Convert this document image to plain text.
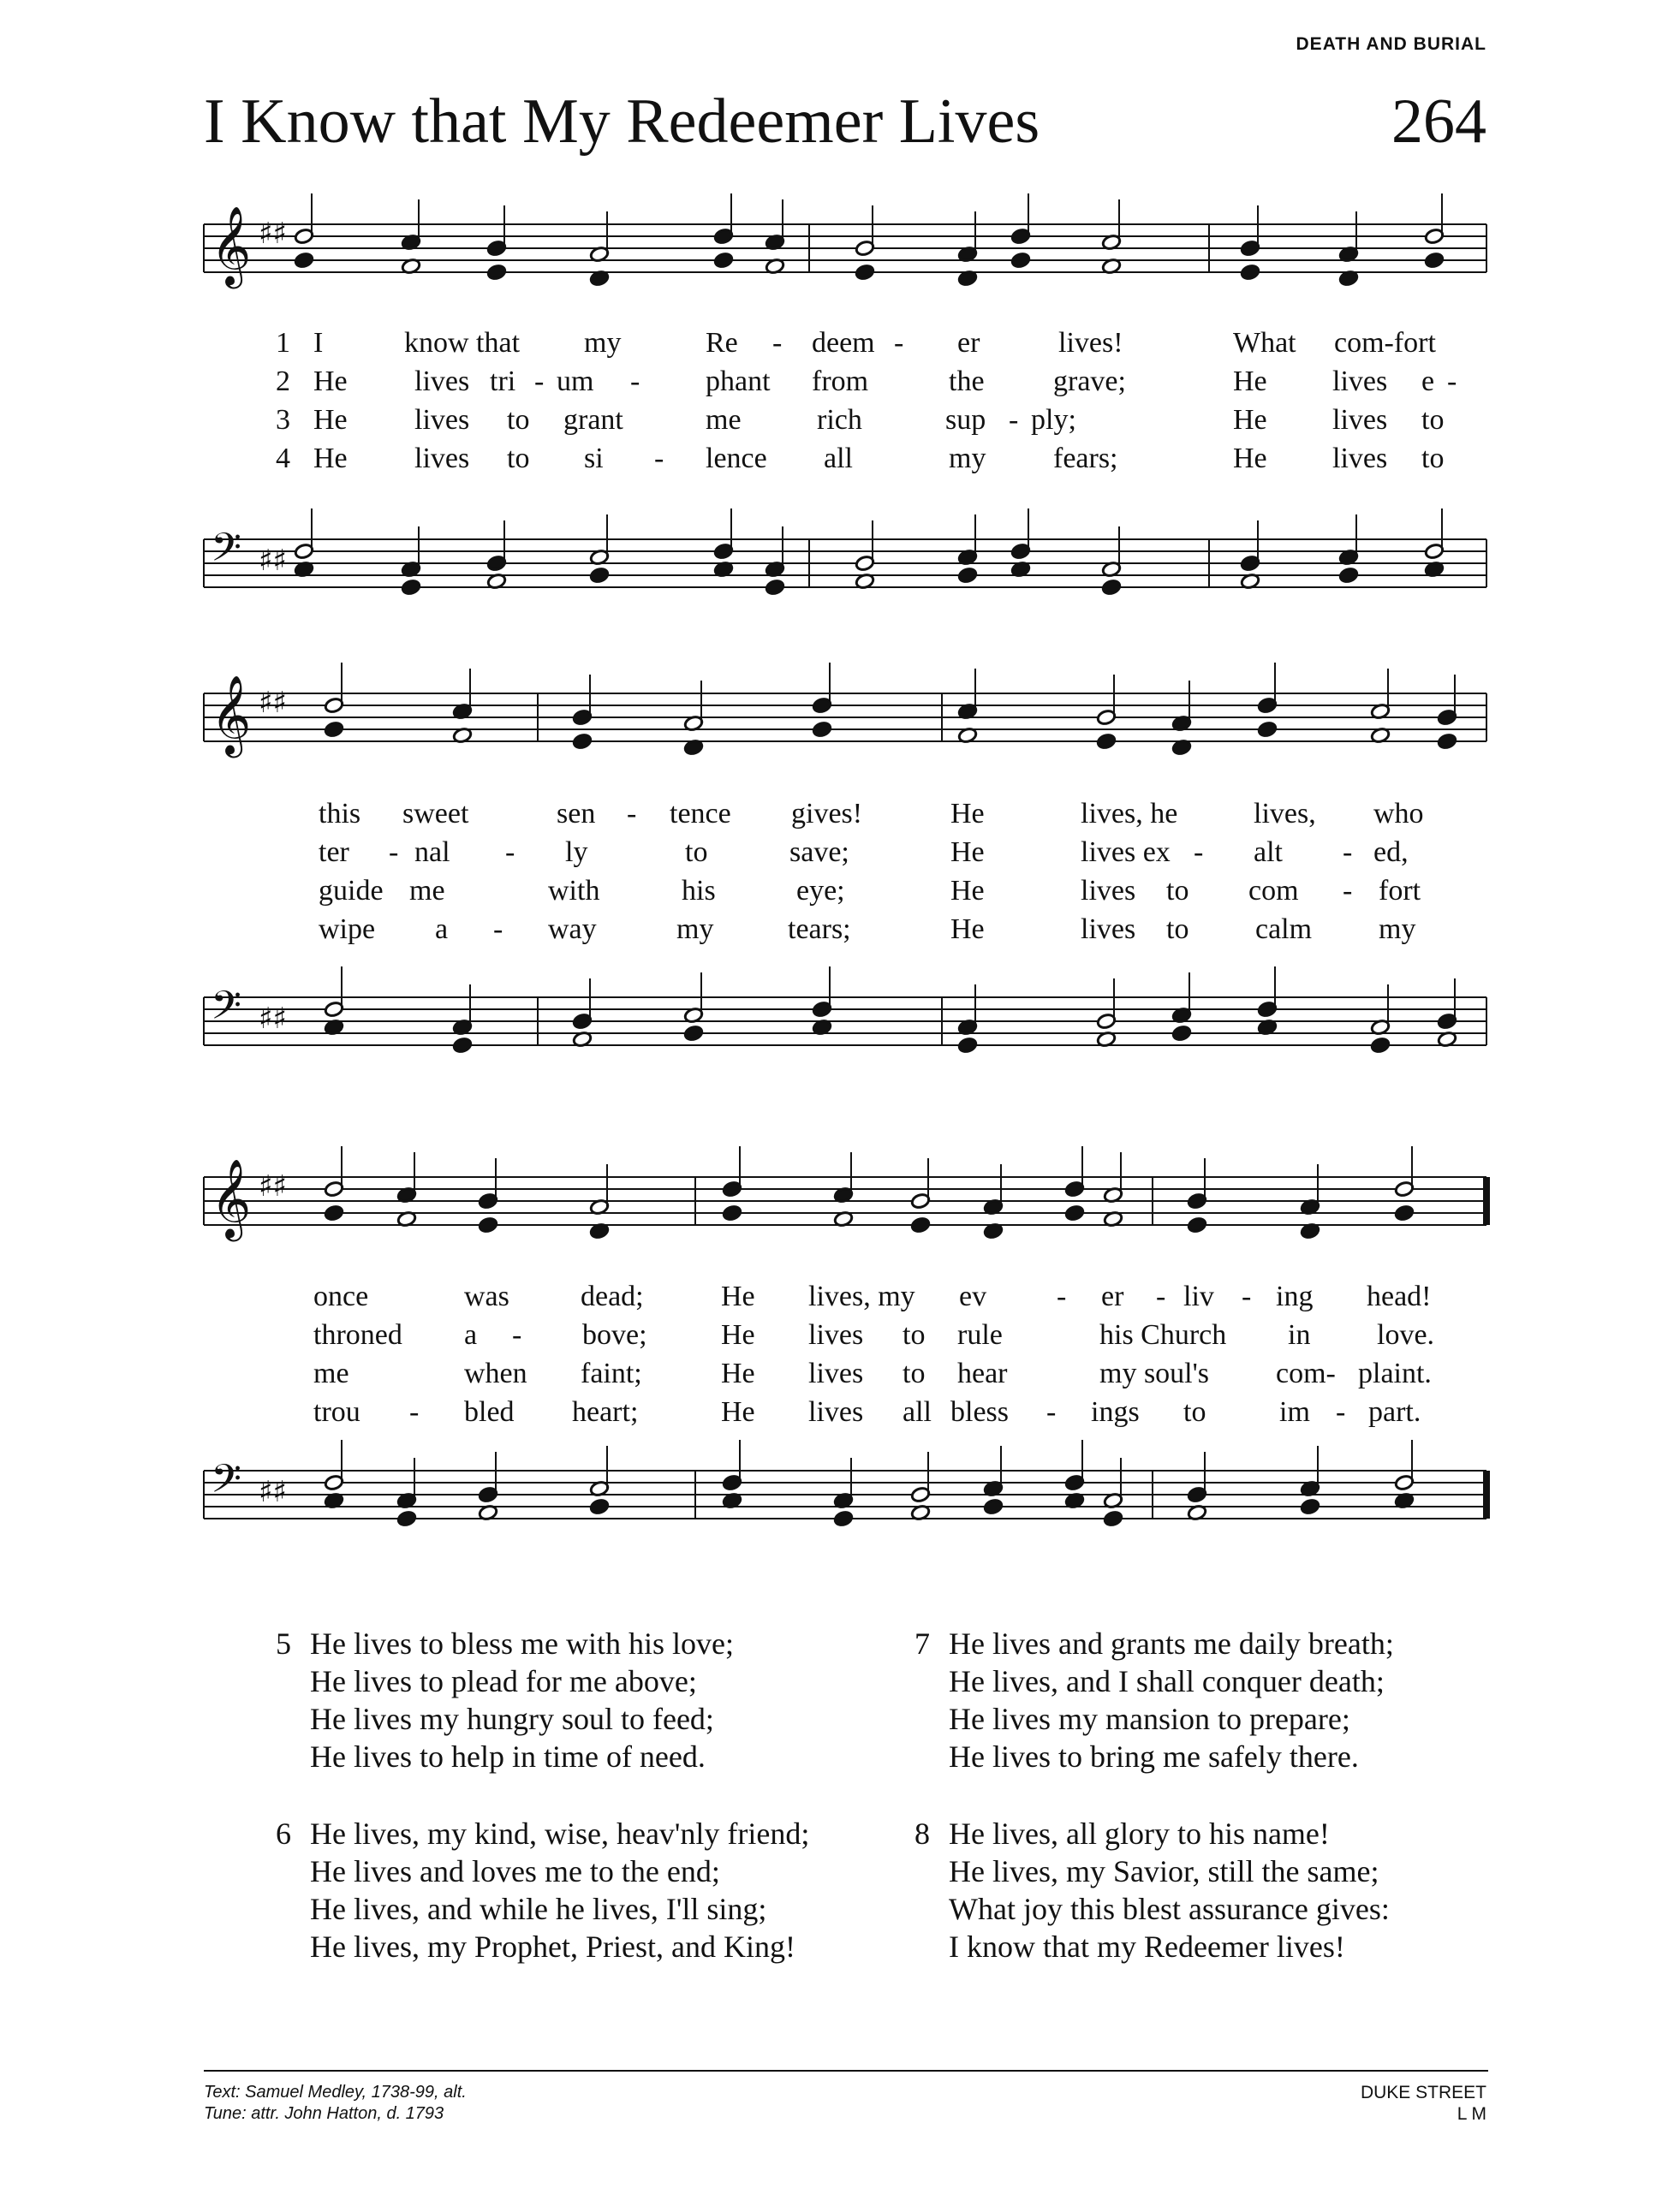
DEATH AND BURIAL
I Know that My Redeemer Lives	264
𝄞 ♯♯
𝄢 ♯♯
𝄞 ♯♯
𝄢 ♯♯
𝄞 ♯♯
𝄢 ♯♯
1
2
3
4
I	know that my	Re - deem - er	lives!	What com-fort
He lives tri - um - phant from	the grave;	He lives e -
He lives to grant	me	rich	sup - ply;	He lives to
He lives to si - lence all	my fears;	He lives to
this sweet	sen - tence gives!	He	lives, he	lives, who
ter - nal - ly	to	save;	He	lives ex - alt - ed,
guide me	with	his	eye;	He	lives to com - fort
wipe a - way	my	tears;	He	lives to calm my
once	was dead;	He lives, my ev - er - liv - ing head!
throned a - bove;	He lives to rule	his Church in love.
me	when faint;	He lives to hear	my soul's com- plaint.
trou - bled heart;	He lives all bless - ings to	im - part.
5 He lives to bless me with his love;
He lives to plead for me above;
He lives my hungry soul to feed;
He lives to help in time of need.
6 He lives, my kind, wise, heav'nly friend;
He lives and loves me to the end;
He lives, and while he lives, I'll sing;
He lives, my Prophet, Priest, and King!
7 He lives and grants me daily breath;
He lives, and I shall conquer death;
He lives my mansion to prepare;
He lives to bring me safely there.
8 He lives, all glory to his name!
He lives, my Savior, still the same;
What joy this blest assurance gives:
I know that my Redeemer lives!
Text: Samuel Medley, 1738-99, alt.
Tune: attr. John Hatton, d. 1793
DUKE STREET
L M
